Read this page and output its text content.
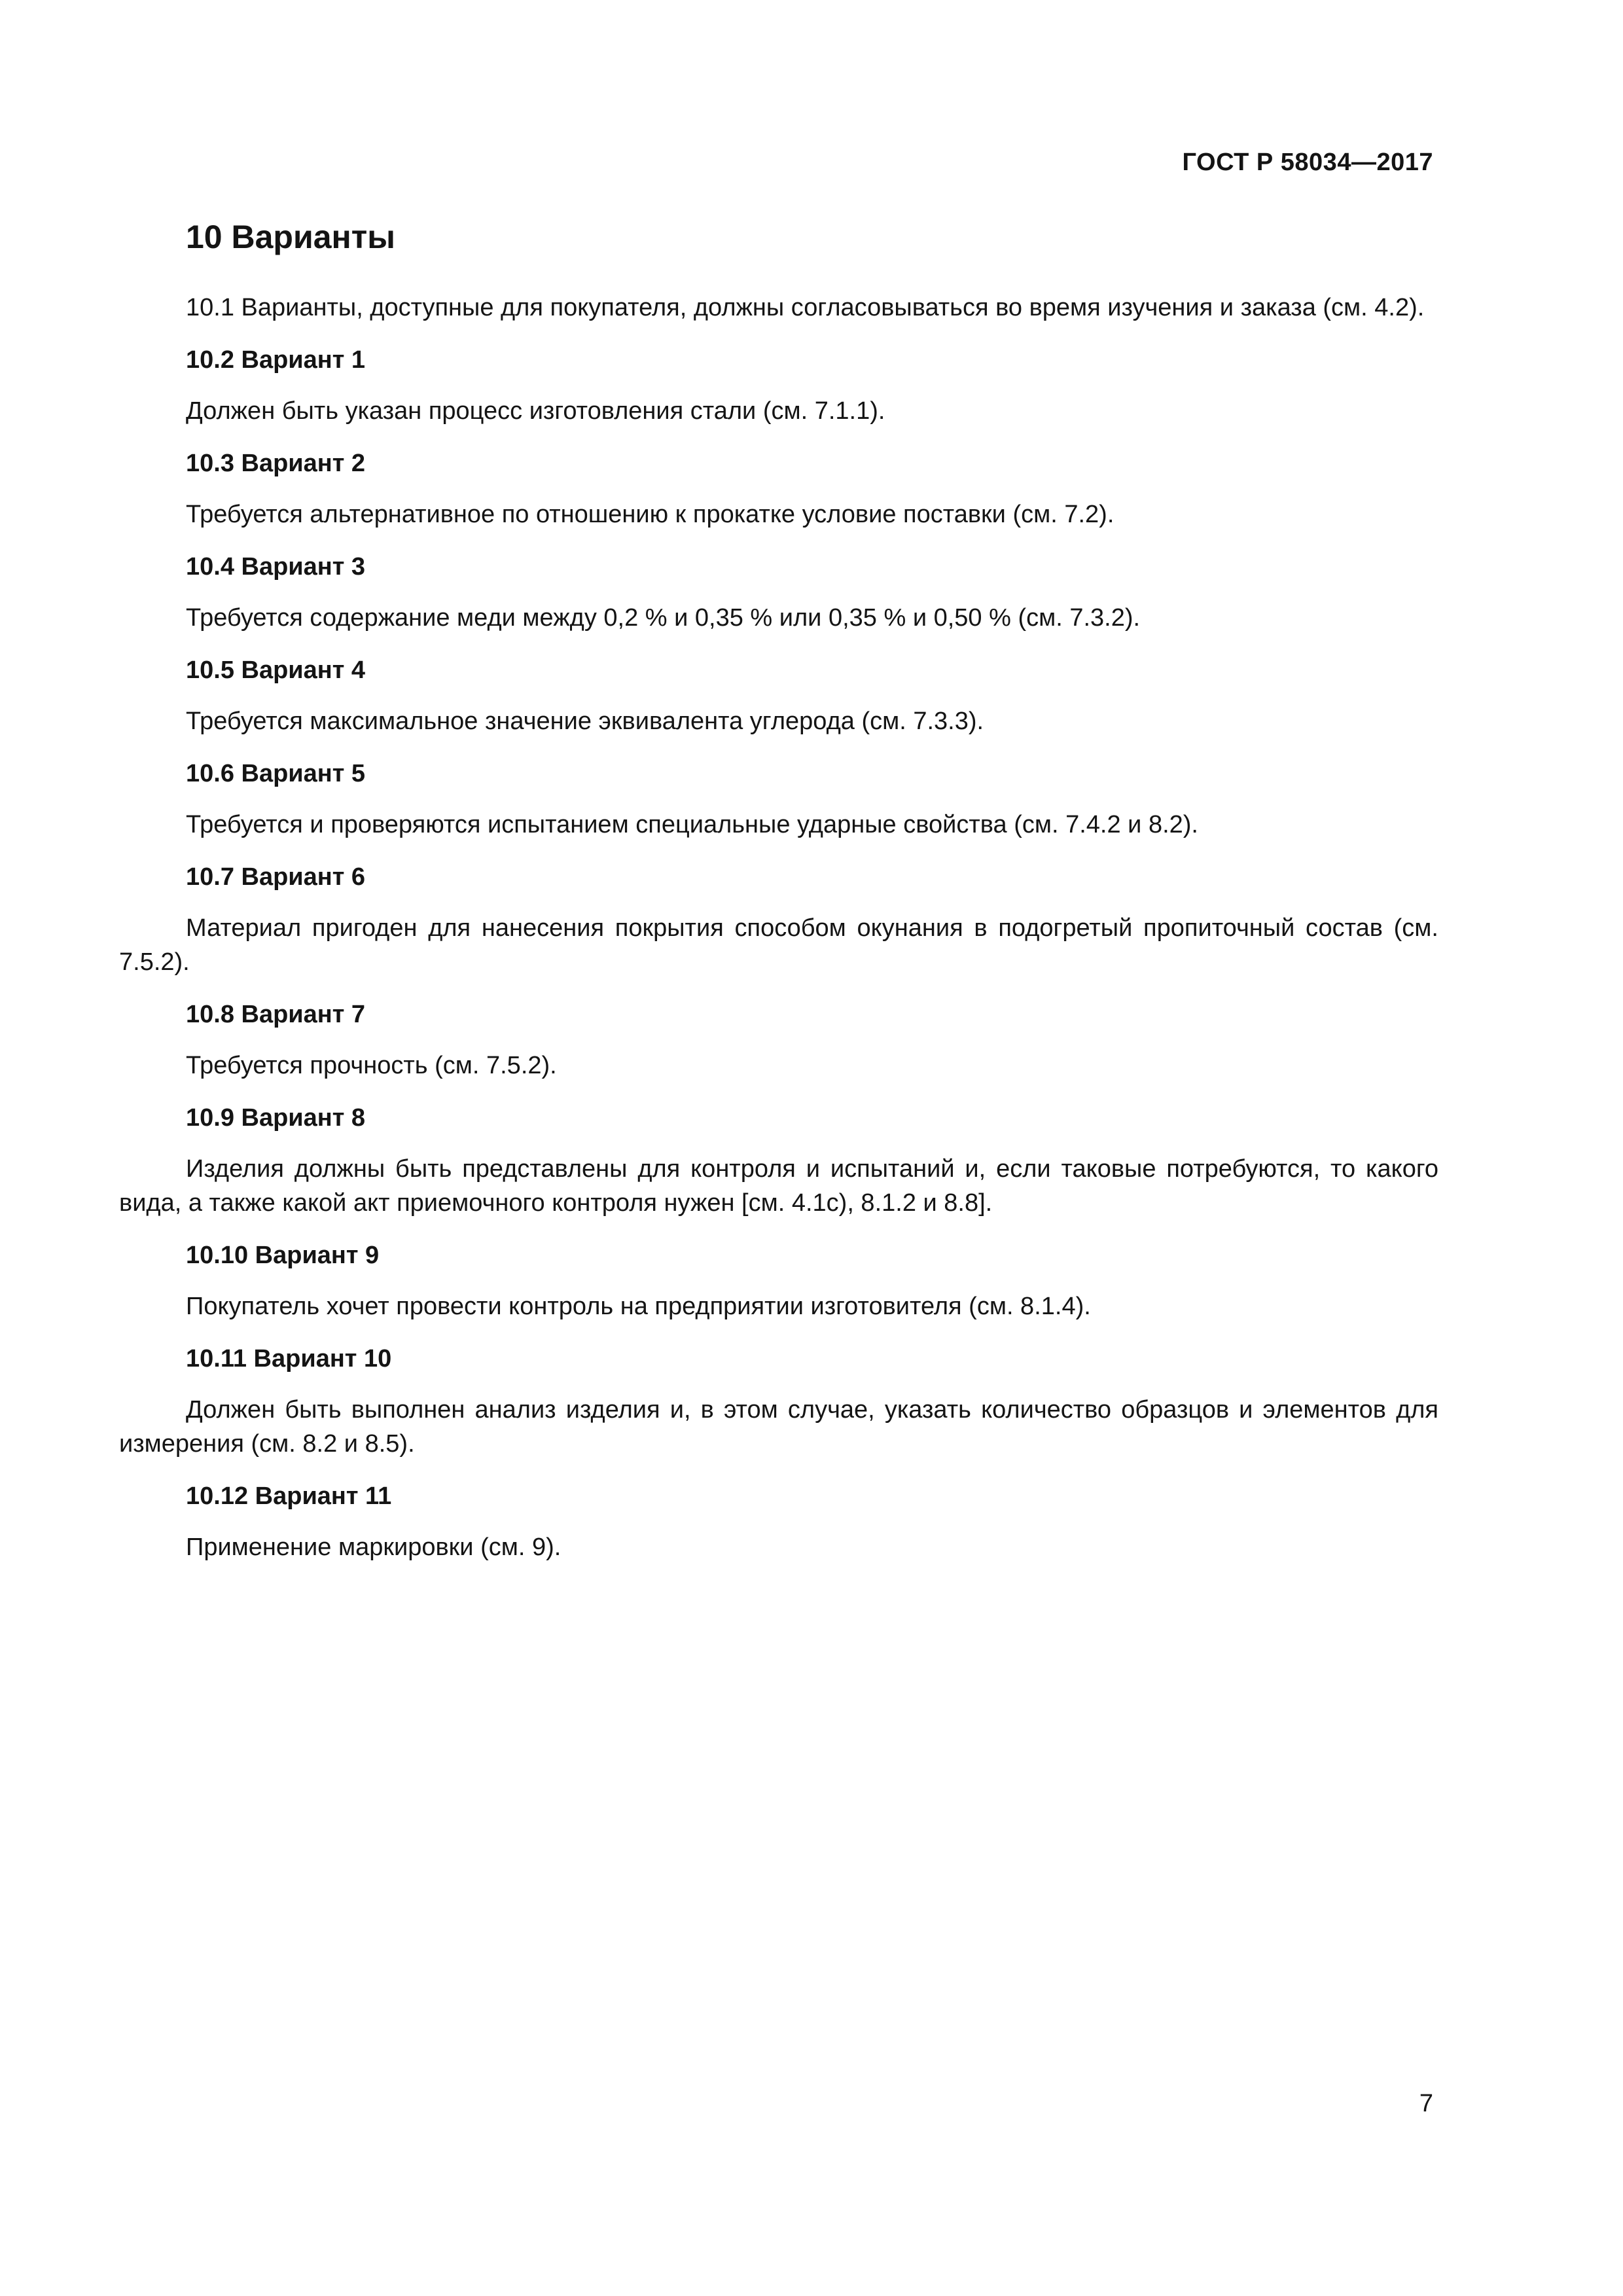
ГОСТ Р 58034—2017
10 Варианты

10.1 Варианты, доступные для покупателя, должны согласовываться во время изучения и заказа (см. 4.2).

10.2 Вариант 1

Должен быть указан процесс изготовления стали (см. 7.1.1).

10.3 Вариант 2

Требуется альтернативное по отношению к прокатке условие поставки (см. 7.2).

10.4 Вариант 3

Требуется содержание меди между 0,2 % и 0,35 % или 0,35 % и 0,50 % (см. 7.3.2).

10.5 Вариант 4

Требуется максимальное значение эквивалента углерода (см. 7.3.3).

10.6 Вариант 5

Требуется и проверяются испытанием специальные ударные свойства (см. 7.4.2 и 8.2).

10.7 Вариант 6

Материал пригоден для нанесения покрытия способом окунания в подогретый пропиточный состав (см. 7.5.2).

10.8 Вариант 7

Требуется прочность (см. 7.5.2).

10.9 Вариант 8

Изделия должны быть представлены для контроля и испытаний и, если таковые потребуются, то какого вида, а также какой акт приемочного контроля нужен [см. 4.1c), 8.1.2 и 8.8].

10.10 Вариант 9

Покупатель хочет провести контроль на предприятии изготовителя (см. 8.1.4).

10.11 Вариант 10

Должен быть выполнен анализ изделия и, в этом случае, указать количество образцов и элементов для измерения (см. 8.2 и 8.5).

10.12 Вариант 11

Применение маркировки (см. 9).

7
